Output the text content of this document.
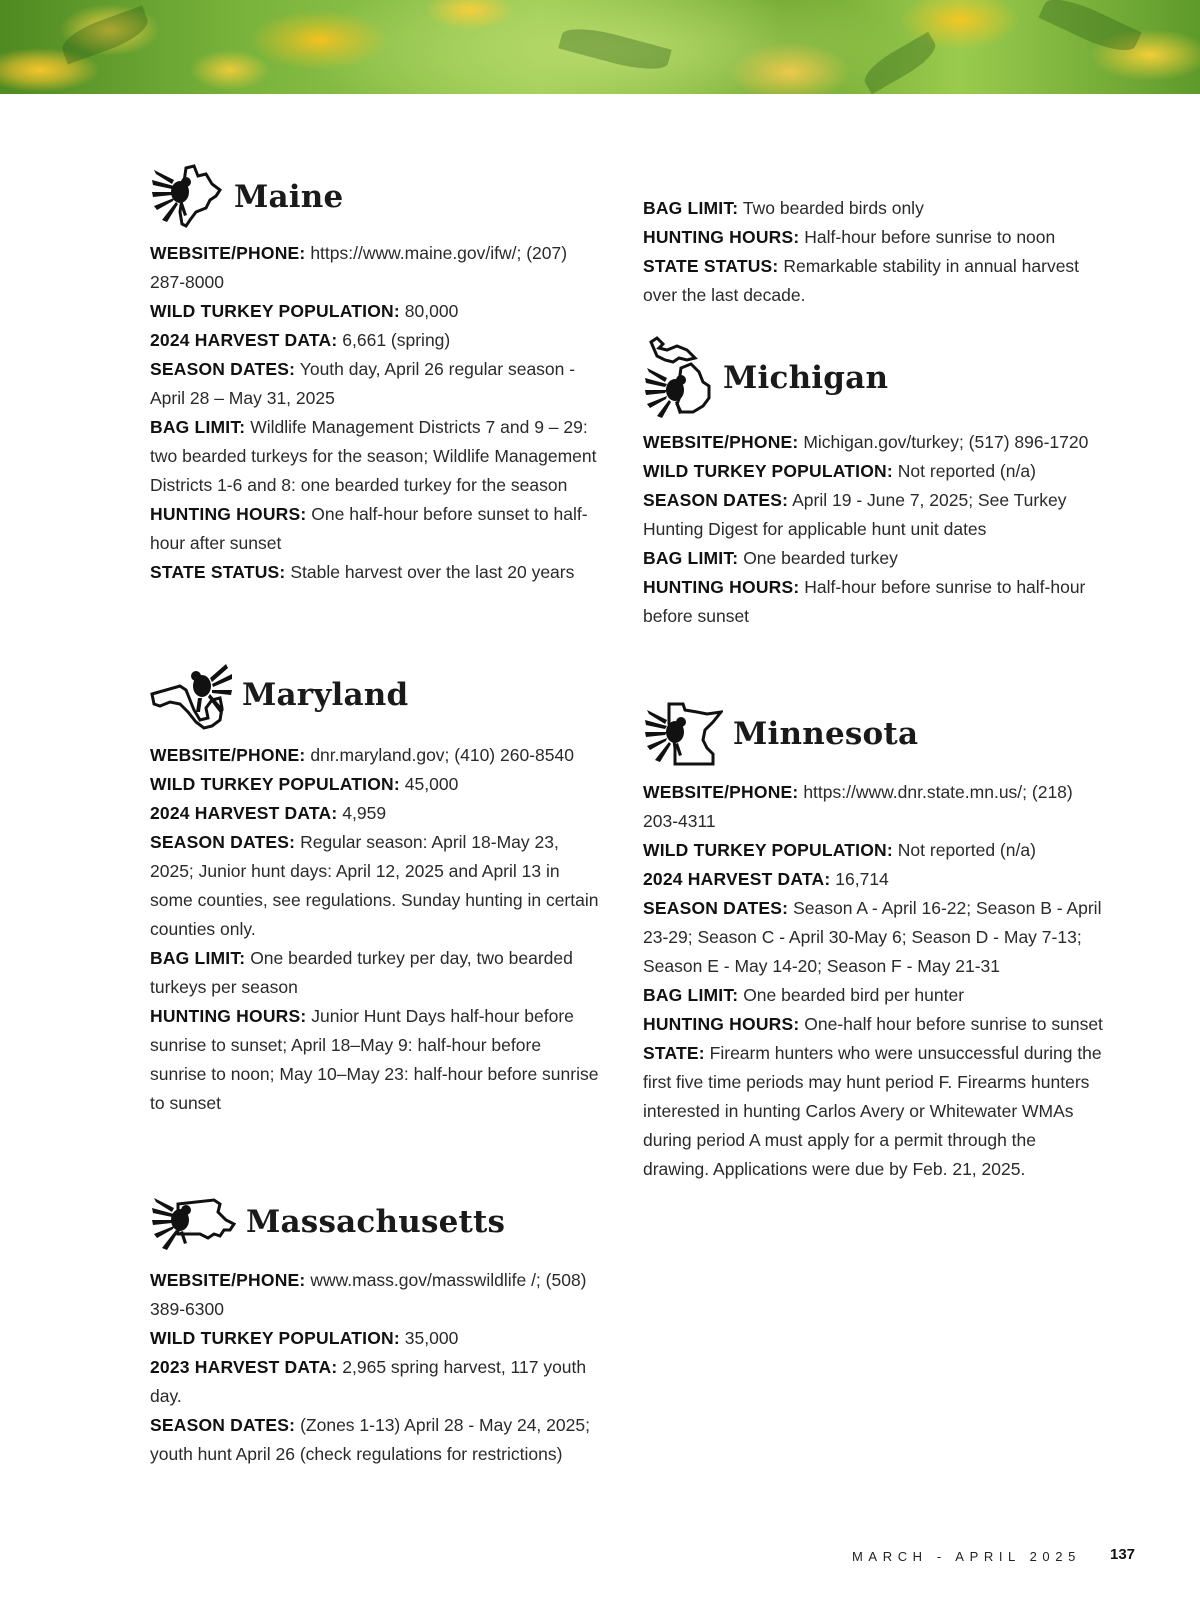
Maine

WEBSITE/PHONE: https://www.maine.gov/ifw/; (207) 287-8000

WILD TURKEY POPULATION: 80,000

2024 HARVEST DATA: 6,661 (spring)

SEASON DATES: Youth day, April 26 regular season - April 28 – May 31, 2025

BAG LIMIT: Wildlife Management Districts 7 and 9 – 29: two bearded turkeys for the season; Wildlife Management Districts 1-6 and 8: one bearded turkey for the season

HUNTING HOURS: One half-hour before sunset to half-hour after sunset

STATE STATUS: Stable harvest over the last 20 years

Maryland

WEBSITE/PHONE: dnr.maryland.gov; (410) 260-8540

WILD TURKEY POPULATION: 45,000

2024 HARVEST DATA: 4,959

SEASON DATES: Regular season: April 18-May 23, 2025; Junior hunt days: April 12, 2025 and April 13 in some counties, see regulations. Sunday hunting in certain counties only.

BAG LIMIT: One bearded turkey per day, two bearded turkeys per season

HUNTING HOURS: Junior Hunt Days half-hour before sunrise to sunset; April 18–May 9: half-hour before sunrise to noon; May 10–May 23: half-hour before sunrise to sunset

Massachusetts

WEBSITE/PHONE: www.mass.gov/masswildlife /; (508) 389-6300

WILD TURKEY POPULATION: 35,000

2023 HARVEST DATA: 2,965 spring harvest, 117 youth day.

SEASON DATES: (Zones 1-13) April 28 - May 24, 2025; youth hunt April 26 (check regulations for restrictions)

BAG LIMIT: Two bearded birds only

HUNTING HOURS: Half-hour before sunrise to noon

STATE STATUS: Remarkable stability in annual harvest over the last decade.

Michigan

WEBSITE/PHONE: Michigan.gov/turkey; (517) 896-1720

WILD TURKEY POPULATION: Not reported (n/a)

SEASON DATES: April 19 - June 7, 2025; See Turkey Hunting Digest for applicable hunt unit dates

BAG LIMIT: One bearded turkey

HUNTING HOURS: Half-hour before sunrise to half-hour before sunset

Minnesota

WEBSITE/PHONE: https://www.dnr.state.mn.us/; (218) 203-4311

WILD TURKEY POPULATION: Not reported (n/a)

2024 HARVEST DATA: 16,714

SEASON DATES: Season A - April 16-22; Season B - April 23-29; Season C - April 30-May 6; Season D - May 7-13; Season E - May 14-20; Season F - May 21-31

BAG LIMIT: One bearded bird per hunter

HUNTING HOURS: One-half hour before sunrise to sunset

STATE: Firearm hunters who were unsuccessful during the first five time periods may hunt period F. Firearms hunters interested in hunting Carlos Avery or Whitewater WMAs during period A must apply for a permit through the drawing. Applications were due by Feb. 21, 2025.

MARCH - APRIL 2025 137
